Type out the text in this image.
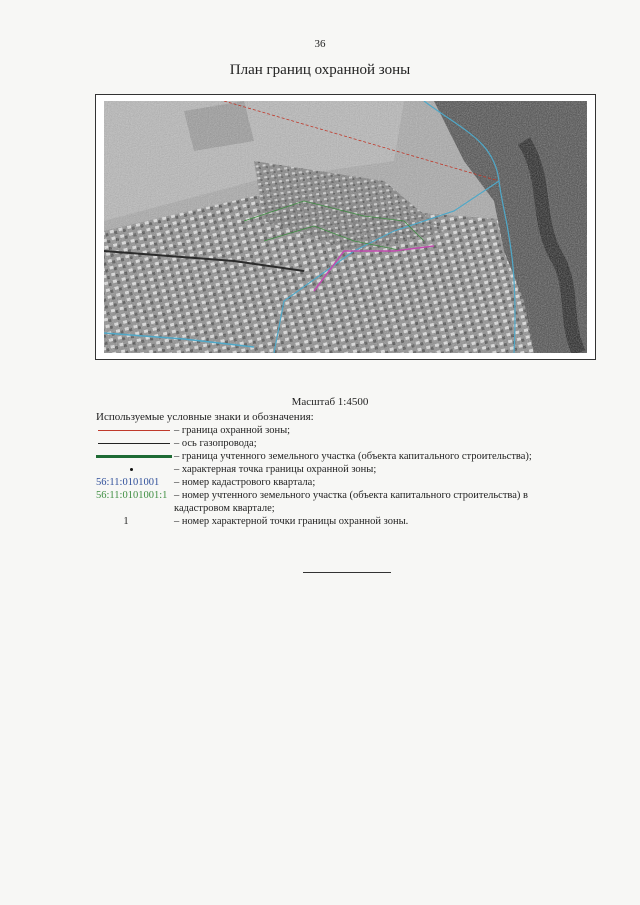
36
План границ охранной зоны
Масштаб 1:4500
Используемые условные знаки и обозначения:
– граница охранной зоны;
– ось газопровода;
– граница учтенного земельного участка (объекта капитального строительства);
– характерная точка границы охранной зоны;
56:11:0101001	– номер кадастрового квартала;
56:11:0101001:1 – номер учтенного земельного участка (объекта капитального строительства) в кадастровом квартале;
1	– номер характерной точки границы охранной зоны.
